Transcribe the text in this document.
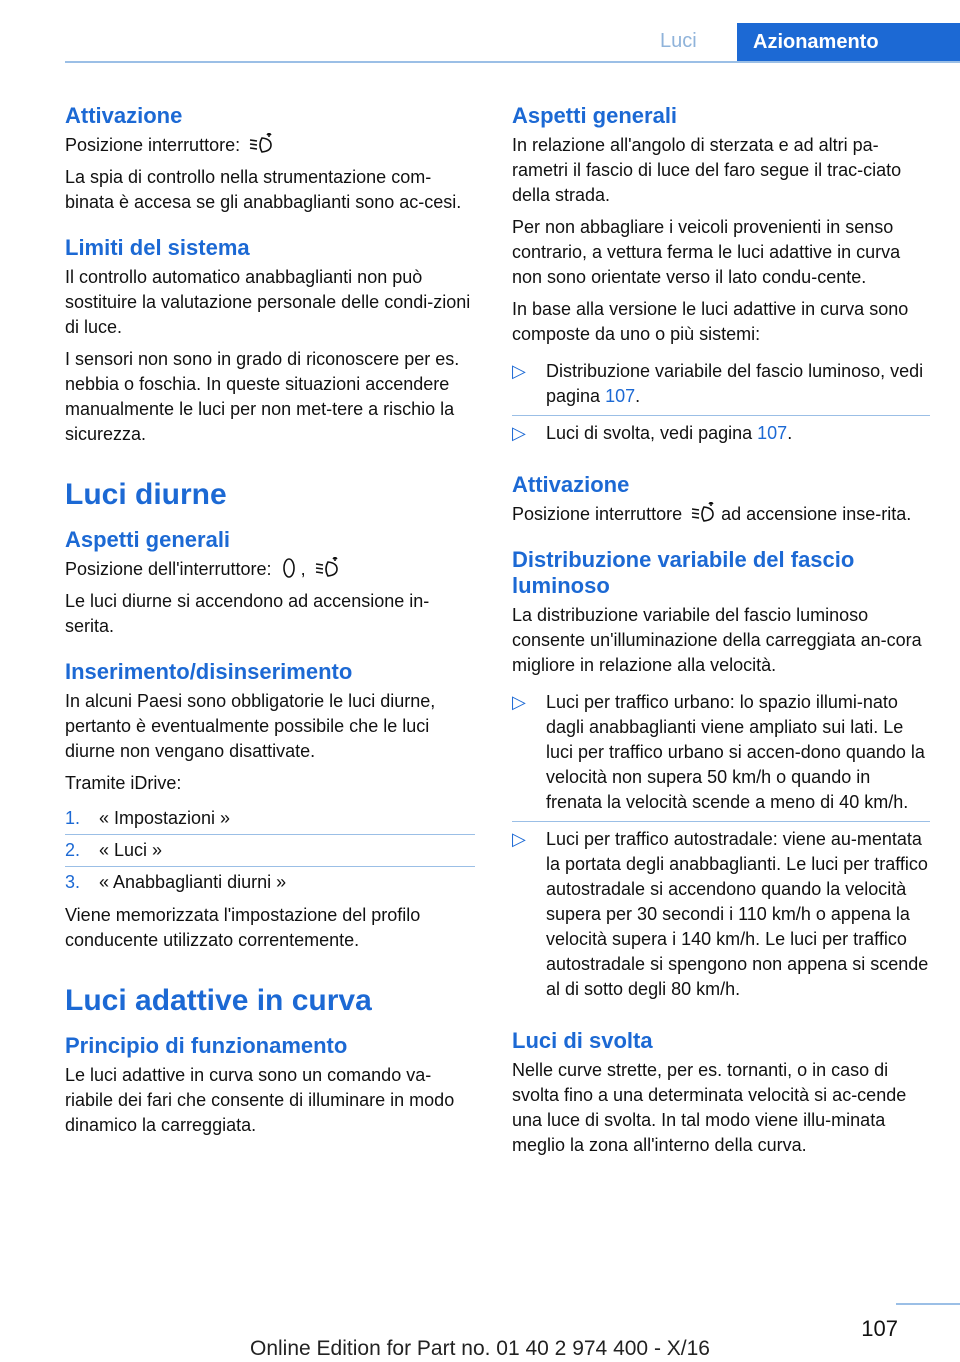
Luci	Azionamento
Attivazione

Posizione interruttore:

La spia di controllo nella strumentazione com-binata è accesa se gli anabbaglianti sono ac-cesi.

Limiti del sistema

Il controllo automatico anabbaglianti non può sostituire la valutazione personale delle condi-zioni di luce.

I sensori non sono in grado di riconoscere per es. nebbia o foschia. In queste situazioni accendere manualmente le luci per non met-tere a rischio la sicurezza.

Luci diurne
Aspetti generali

Posizione dell'interruttore: ,

Le luci diurne si accendono ad accensione in-serita.

Inserimento/disinserimento

In alcuni Paesi sono obbligatorie le luci diurne, pertanto è eventualmente possibile che le luci diurne non vengano disattivate.

Tramite iDrive:

1. « Impostazioni »
2. « Luci »
3. « Anabbaglianti diurni »

Viene memorizzata l'impostazione del profilo conducente utilizzato correntemente.

Luci adattive in curva
Principio di funzionamento

Le luci adattive in curva sono un comando va-riabile dei fari che consente di illuminare in modo dinamico la carreggiata.

Aspetti generali

In relazione all'angolo di sterzata e ad altri pa-rametri il fascio di luce del faro segue il trac-ciato della strada.

Per non abbagliare i veicoli provenienti in senso contrario, a vettura ferma le luci adattive in curva non sono orientate verso il lato condu-cente.

In base alla versione le luci adattive in curva sono composte da uno o più sistemi:

▷ Distribuzione variabile del fascio luminoso, vedi pagina 107.
▷ Luci di svolta, vedi pagina 107.
Attivazione

Posizione interruttore ad accensione inse-rita.

Distribuzione variabile del fascio luminoso

La distribuzione variabile del fascio luminoso consente un'illuminazione della carreggiata an-cora migliore in relazione alla velocità.

▷ Luci per traffico urbano: lo spazio illumi-nato dagli anabbaglianti viene ampliato sui lati. Le luci per traffico urbano si accen-dono quando la velocità non supera 50 km/h o quando in frenata la velocità scende a meno di 40 km/h.
▷ Luci per traffico autostradale: viene au-mentata la portata degli anabbaglianti. Le luci per traffico autostradale si accendono quando la velocità supera per 30 secondi i 110 km/h o appena la velocità supera i 140 km/h. Le luci per traffico autostradale si spengono non appena si scende al di sotto degli 80 km/h.
Luci di svolta

Nelle curve strette, per es. tornanti, o in caso di svolta fino a una determinata velocità si ac-cende una luce di svolta. In tal modo viene illu-minata meglio la zona all'interno della curva.

107
Online Edition for Part no. 01 40 2 974 400 - X/16
